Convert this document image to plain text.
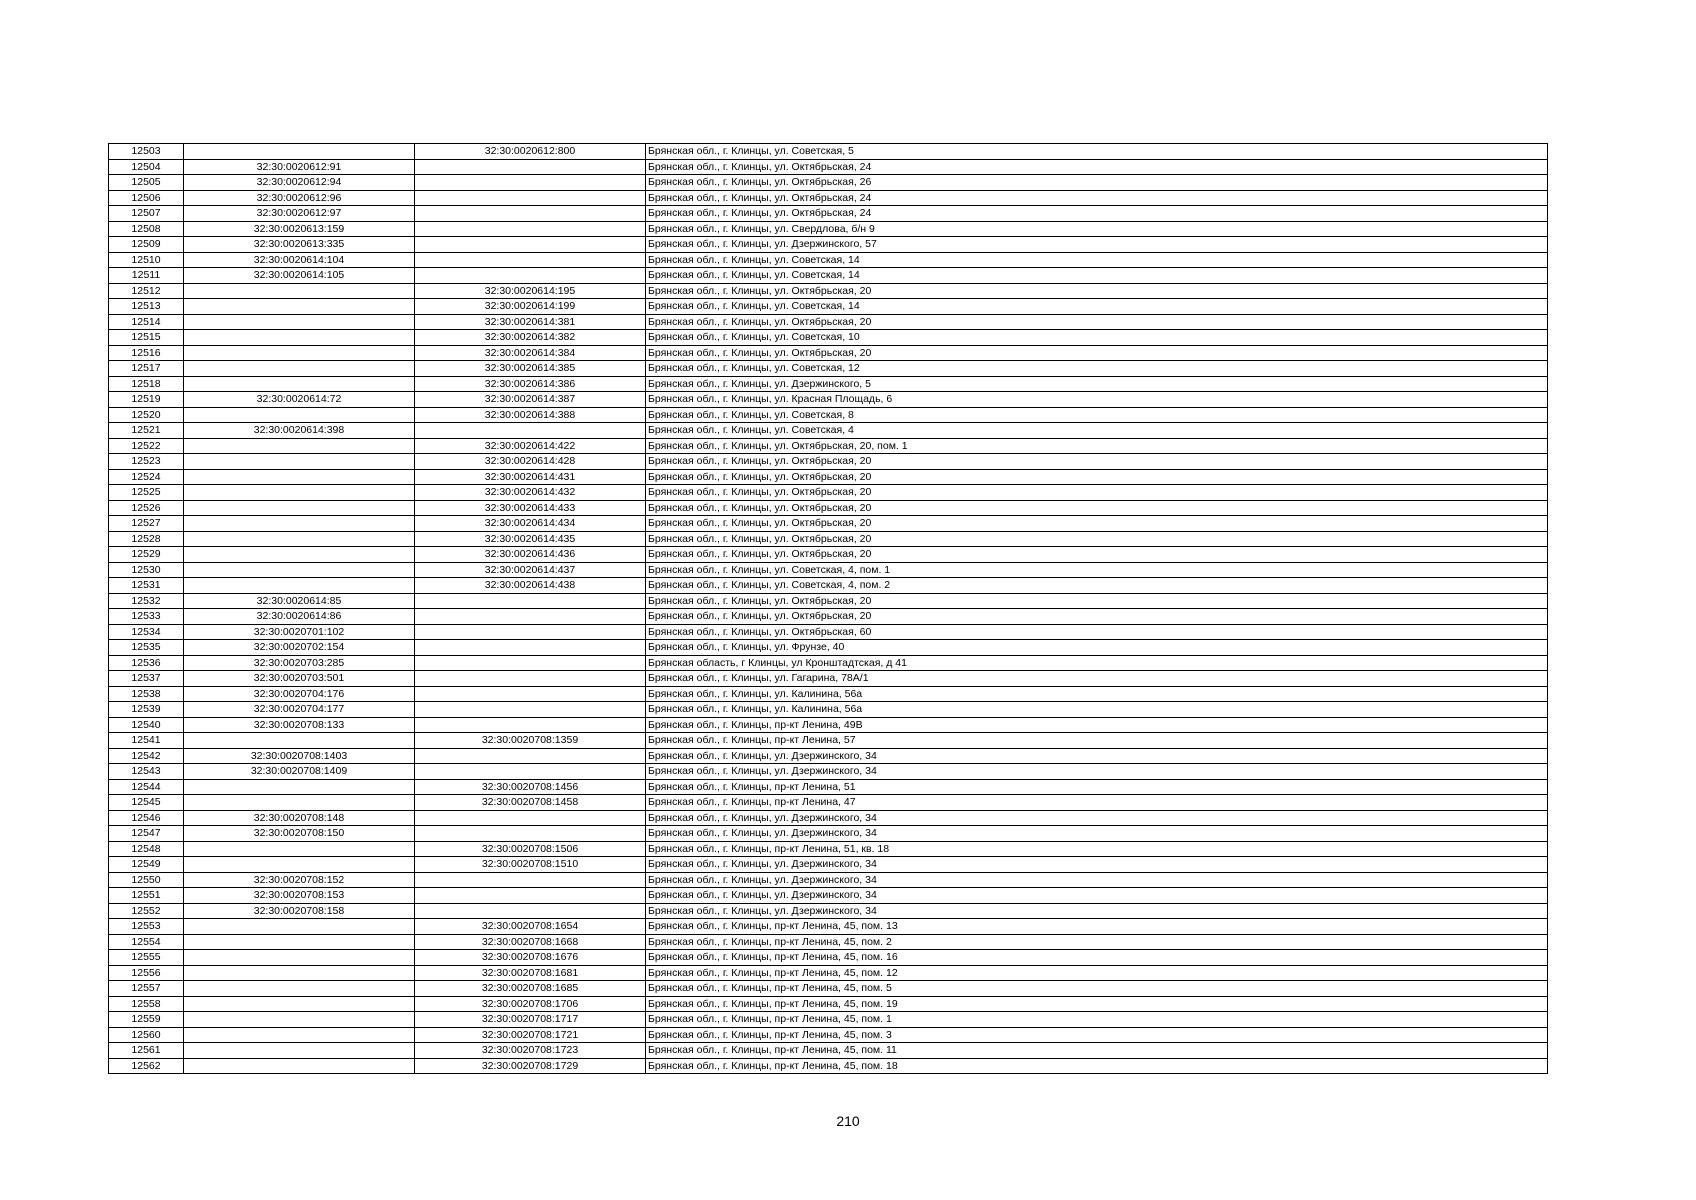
12503		32:30:0020612:800	Брянская обл., г. Клинцы, ул. Советская, 5
12504	32:30:0020612:91		Брянская обл., г. Клинцы, ул. Октябрьская, 24
12505	32:30:0020612:94		Брянская обл., г. Клинцы, ул. Октябрьская, 26
12506	32:30:0020612:96		Брянская обл., г. Клинцы, ул. Октябрьская, 24
12507	32:30:0020612:97		Брянская обл., г. Клинцы, ул. Октябрьская, 24
12508	32:30:0020613:159		Брянская обл., г. Клинцы, ул. Свердлова, б/н 9
12509	32:30:0020613:335		Брянская обл., г. Клинцы, ул. Дзержинского, 57
12510	32:30:0020614:104		Брянская обл., г. Клинцы, ул. Советская, 14
12511	32:30:0020614:105		Брянская обл., г. Клинцы, ул. Советская, 14
12512		32:30:0020614:195	Брянская обл., г. Клинцы, ул. Октябрьская, 20
12513		32:30:0020614:199	Брянская обл., г. Клинцы, ул. Советская, 14
12514		32:30:0020614:381	Брянская обл., г. Клинцы, ул. Октябрьская, 20
12515		32:30:0020614:382	Брянская обл., г. Клинцы, ул. Советская, 10
12516		32:30:0020614:384	Брянская обл., г. Клинцы, ул. Октябрьская, 20
12517		32:30:0020614:385	Брянская обл., г. Клинцы, ул. Советская, 12
12518		32:30:0020614:386	Брянская обл., г. Клинцы, ул. Дзержинского, 5
12519	32:30:0020614:72	32:30:0020614:387	Брянская обл., г. Клинцы, ул. Красная Площадь, 6
12520		32:30:0020614:388	Брянская обл., г. Клинцы, ул. Советская, 8
12521	32:30:0020614:398		Брянская обл., г. Клинцы, ул. Советская, 4
12522		32:30:0020614:422	Брянская обл., г. Клинцы, ул. Октябрьская, 20, пом. 1
12523		32:30:0020614:428	Брянская обл., г. Клинцы, ул. Октябрьская, 20
12524		32:30:0020614:431	Брянская обл., г. Клинцы, ул. Октябрьская, 20
12525		32:30:0020614:432	Брянская обл., г. Клинцы, ул. Октябрьская, 20
12526		32:30:0020614:433	Брянская обл., г. Клинцы, ул. Октябрьская, 20
12527		32:30:0020614:434	Брянская обл., г. Клинцы, ул. Октябрьская, 20
12528		32:30:0020614:435	Брянская обл., г. Клинцы, ул. Октябрьская, 20
12529		32:30:0020614:436	Брянская обл., г. Клинцы, ул. Октябрьская, 20
12530		32:30:0020614:437	Брянская обл., г. Клинцы, ул. Советская, 4, пом. 1
12531		32:30:0020614:438	Брянская обл., г. Клинцы, ул. Советская, 4, пом. 2
12532	32:30:0020614:85		Брянская обл., г. Клинцы, ул. Октябрьская, 20
12533	32:30:0020614:86		Брянская обл., г. Клинцы, ул. Октябрьская, 20
12534	32:30:0020701:102		Брянская обл., г. Клинцы, ул. Октябрьская, 60
12535	32:30:0020702:154		Брянская обл., г. Клинцы, ул. Фрунзе, 40
12536	32:30:0020703:285		Брянская область, г Клинцы, ул Кронштадтская, д 41
12537	32:30:0020703:501		Брянская обл., г. Клинцы, ул. Гагарина, 78А/1
12538	32:30:0020704:176		Брянская обл., г. Клинцы, ул. Калинина, 56а
12539	32:30:0020704:177		Брянская обл., г. Клинцы, ул. Калинина, 56а
12540	32:30:0020708:133		Брянская обл., г. Клинцы, пр-кт Ленина, 49В
12541		32:30:0020708:1359	Брянская обл., г. Клинцы, пр-кт Ленина, 57
12542	32:30:0020708:1403		Брянская обл., г. Клинцы, ул. Дзержинского, 34
12543	32:30:0020708:1409		Брянская обл., г. Клинцы, ул. Дзержинского, 34
12544		32:30:0020708:1456	Брянская обл., г. Клинцы, пр-кт Ленина, 51
12545		32:30:0020708:1458	Брянская обл., г. Клинцы, пр-кт Ленина, 47
12546	32:30:0020708:148		Брянская обл., г. Клинцы, ул. Дзержинского, 34
12547	32:30:0020708:150		Брянская обл., г. Клинцы, ул. Дзержинского, 34
12548		32:30:0020708:1506	Брянская обл., г. Клинцы, пр-кт Ленина, 51, кв. 18
12549		32:30:0020708:1510	Брянская обл., г. Клинцы, ул. Дзержинского, 34
12550	32:30:0020708:152		Брянская обл., г. Клинцы, ул. Дзержинского, 34
12551	32:30:0020708:153		Брянская обл., г. Клинцы, ул. Дзержинского, 34
12552	32:30:0020708:158		Брянская обл., г. Клинцы, ул. Дзержинского, 34
12553		32:30:0020708:1654	Брянская обл., г. Клинцы, пр-кт Ленина, 45, пом. 13
12554		32:30:0020708:1668	Брянская обл., г. Клинцы, пр-кт Ленина, 45, пом. 2
12555		32:30:0020708:1676	Брянская обл., г. Клинцы, пр-кт Ленина, 45, пом. 16
12556		32:30:0020708:1681	Брянская обл., г. Клинцы, пр-кт Ленина, 45, пом. 12
12557		32:30:0020708:1685	Брянская обл., г. Клинцы, пр-кт Ленина, 45, пом. 5
12558		32:30:0020708:1706	Брянская обл., г. Клинцы, пр-кт Ленина, 45, пом. 19
12559		32:30:0020708:1717	Брянская обл., г. Клинцы, пр-кт Ленина, 45, пом. 1
12560		32:30:0020708:1721	Брянская обл., г. Клинцы, пр-кт Ленина, 45, пом. 3
12561		32:30:0020708:1723	Брянская обл., г. Клинцы, пр-кт Ленина, 45, пом. 11
12562		32:30:0020708:1729	Брянская обл., г. Клинцы, пр-кт Ленина, 45, пом. 18
210
